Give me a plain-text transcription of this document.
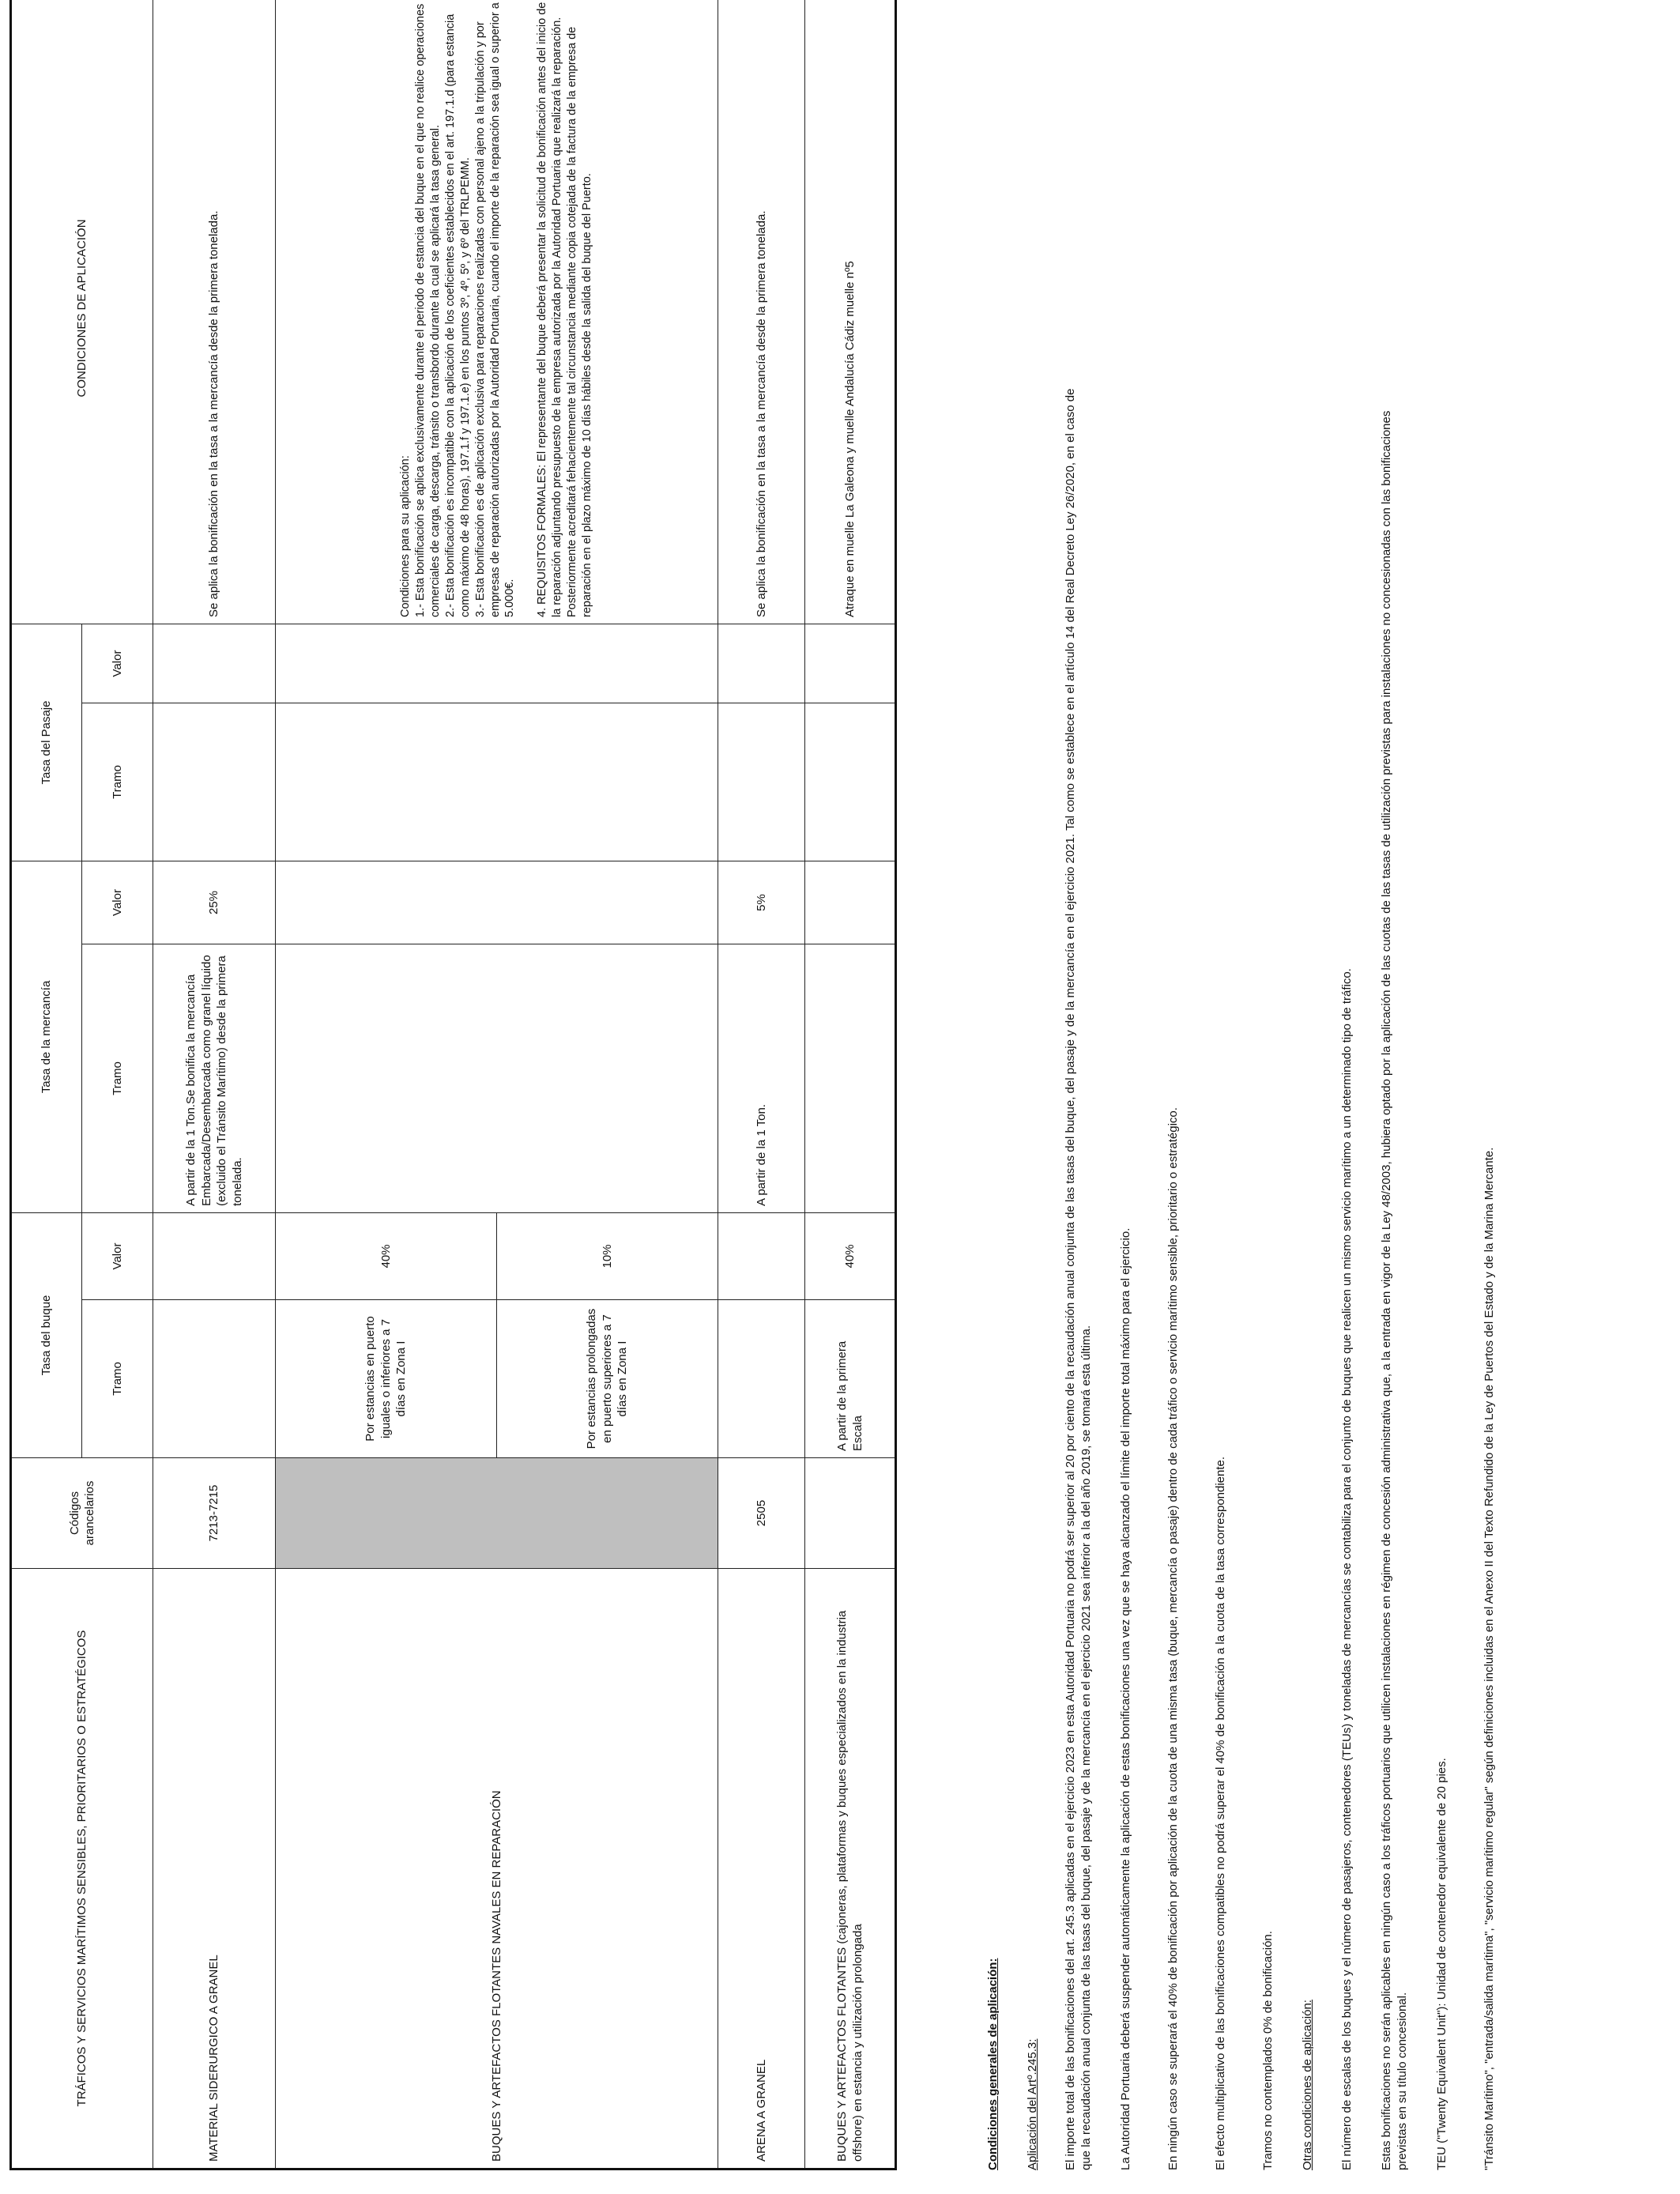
TRÁFICOS Y SERVICIOS MARÍTIMOS SENSIBLES, PRIORITARIOS O ESTRATÉGICOS	Códigos arancelarios	Tasa del buque		Tasa de la mercancía		Tasa del Pasaje		CONDICIONES DE APLICACIÓN
		Tramo	Valor	Tramo	Valor	Tramo	Valor	
MATERIAL SIDERURGICO A GRANEL	7213-7215			A partir de la 1 Ton.Se bonifica la mercancía Embarcada/Desembarcada como granel líquido (excluido el Tránsito Marítimo) desde la primera tonelada.	25%			Se aplica la bonificación en la tasa a la mercancía desde la primera tonelada.
BUQUES Y ARTEFACTOS FLOTANTES NAVALES EN REPARACIÓN		Por estancias en puerto iguales o inferiores a 7 días en Zona I	40%					Condiciones para su aplicación: 1.- Esta bonificación se aplica exclusivamente durante el periodo de estancia del buque en el que no realice operaciones comerciales de carga, descarga, tránsito o transbordo durante la cual se aplicará la tasa general. 2.- Esta bonificación es incompatible con la aplicación de los coeficientes establecidos en el art. 197.1.d (para estancia como máximo de 48 horas), 197.1.f y 197.1.e) en los puntos 3º, 4º, 5º, y 6º del TRLPEMM. 3.- Esta bonificación es de aplicación exclusiva para reparaciones realizadas con personal ajeno a la tripulación y por empresas de reparación autorizadas por la Autoridad Portuaria, cuando el importe de la reparación sea igual o superior a 5.000€. 4. REQUISITOS FORMALES: El representante del buque deberá presentar la solicitud de bonificación antes del inicio de la reparación adjuntando presupuesto de la empresa autorizada por la Autoridad Portuaria que realizará la reparación. Posteriormente acreditará fehacientemente tal circunstancia mediante copia cotejada de la factura de la empresa de reparación en el plazo máximo de 10 días hábiles desde la salida del buque del Puerto.

		Por estancias prolongadas en puerto superiores a 7 días en Zona I	10%					
ARENA A GRANEL	2505			A partir de la 1 Ton.	5%			Se aplica la bonificación en la tasa a la mercancía desde la primera tonelada.
BUQUES Y ARTEFACTOS FLOTANTES (cajoneras, plataformas y buques especializados en la industria offshore) en estancia y utilización prolongada		A partir de la primera Escala	40%					Atraque en muelle La Galeona y muelle Andalucía Cádiz muelle nº5
Condiciones generales de aplicación: Aplicación del Artº.245.3: El importe total de las bonificaciones del art. 245.3 aplicadas en el ejercicio 2023 en esta Autoridad Portuaria no podrá ser superior al 20 por ciento de la recaudación anual conjunta de las tasas del buque, del pasaje y de la mercancía en el ejercicio 2021. Tal como se establece en el artículo 14 del Real Decreto Ley 26/2020, en el caso de que la recaudación anual conjunta de las tasas del buque, del pasaje y de la mercancía en el ejercicio 2021 sea inferior a la del año 2019, se tomará esta última. La Autoridad Portuaria deberá suspender automáticamente la aplicación de estas bonificaciones una vez que se haya alcanzado el límite del importe total máximo para el ejercicio.	En ningún caso se superará el 40% de bonificación por aplicación de la cuota de una misma tasa (buque, mercancía o pasaje) dentro de cada tráfico o servicio marítimo sensible, prioritario o estratégico.	El efecto multiplicativo de las bonificaciones compatibles no podrá superar el 40% de bonificación a la cuota de la tasa correspondiente.	Tramos no contemplados 0% de bonificación. Otras condiciones de aplicación: El número de escalas de los buques y el número de pasajeros, contenedores (TEUs) y toneladas de mercancías se contabiliza para el conjunto de buques que realicen un mismo servicio marítimo a un determinado tipo de tráfico. Estas bonificaciones no serán aplicables en ningún caso a los tráficos portuarios que utilicen instalaciones en régimen de concesión administrativa que, a la entrada en vigor de la Ley 48/2003, hubiera optado por la aplicación de las cuotas de las tasas de utilización previstas para instalaciones no concesionadas con las bonificaciones previstas en su título concesional. TEU ("Twenty Equivalent Unit"): Unidad de contenedor equivalente de 20 pies.	"Tránsito Marítimo", "entrada/salida marítima", "servicio marítimo regular" según definiciones incluidas en el Anexo II del Texto Refundido de la Ley de Puertos del Estado y de la Marina Mercante.
